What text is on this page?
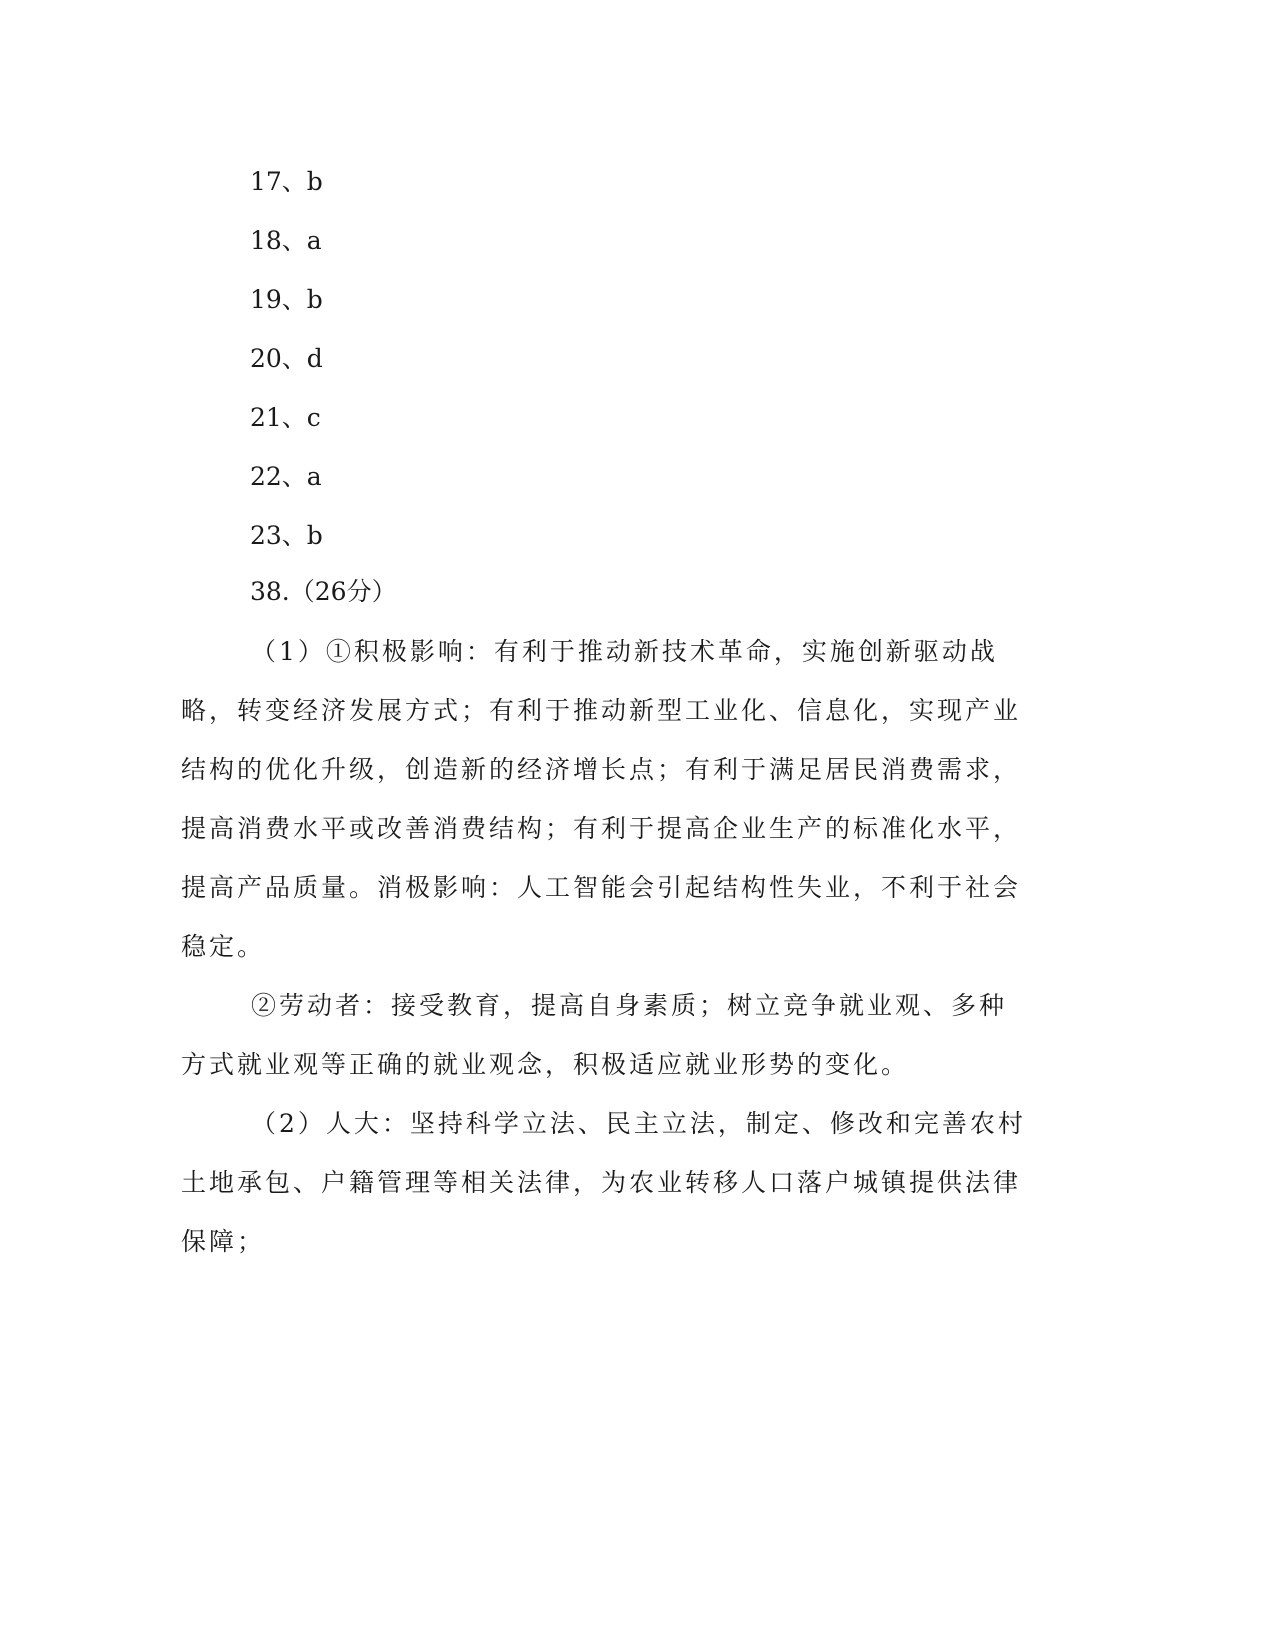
17、b
18、a
19、b
20、d
21、c
22、a
23、b
38.（26分）

（1）①积极影响：有利于推动新技术革命，实施创新驱动战略，转变经济发展方式；有利于推动新型工业化、信息化，实现产业结构的优化升级，创造新的经济增长点；有利于满足居民消费需求，提高消费水平或改善消费结构；有利于提高企业生产的标准化水平，提高产品质量。消极影响：人工智能会引起结构性失业，不利于社会稳定。

②劳动者：接受教育，提高自身素质；树立竞争就业观、多种方式就业观等正确的就业观念，积极适应就业形势的变化。

（2）人大：坚持科学立法、民主立法，制定、修改和完善农村土地承包、户籍管理等相关法律，为农业转移人口落户城镇提供法律保障；
